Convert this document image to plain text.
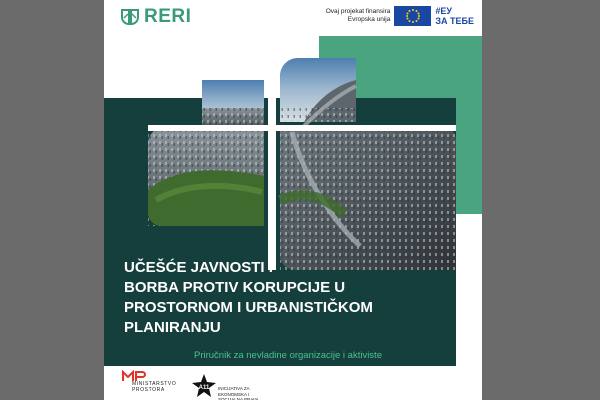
RERI	Ovaj projekat finansira
Evropska unija
#ЕУ
ЗА ТЕБЕ
UČEŠĆE JAVNOSTI I
BORBA PROTIV KORUPCIJE U
PROSTORNOM I URBANISTIČKOM
PLANIRANJU
Priručnik za nevladine organizacije i aktiviste
MINISTARSTVO
PROSTORA	A11 INICIJATIVA ZA
EKONOMSKA I
SOCIJALNA PRAVA
